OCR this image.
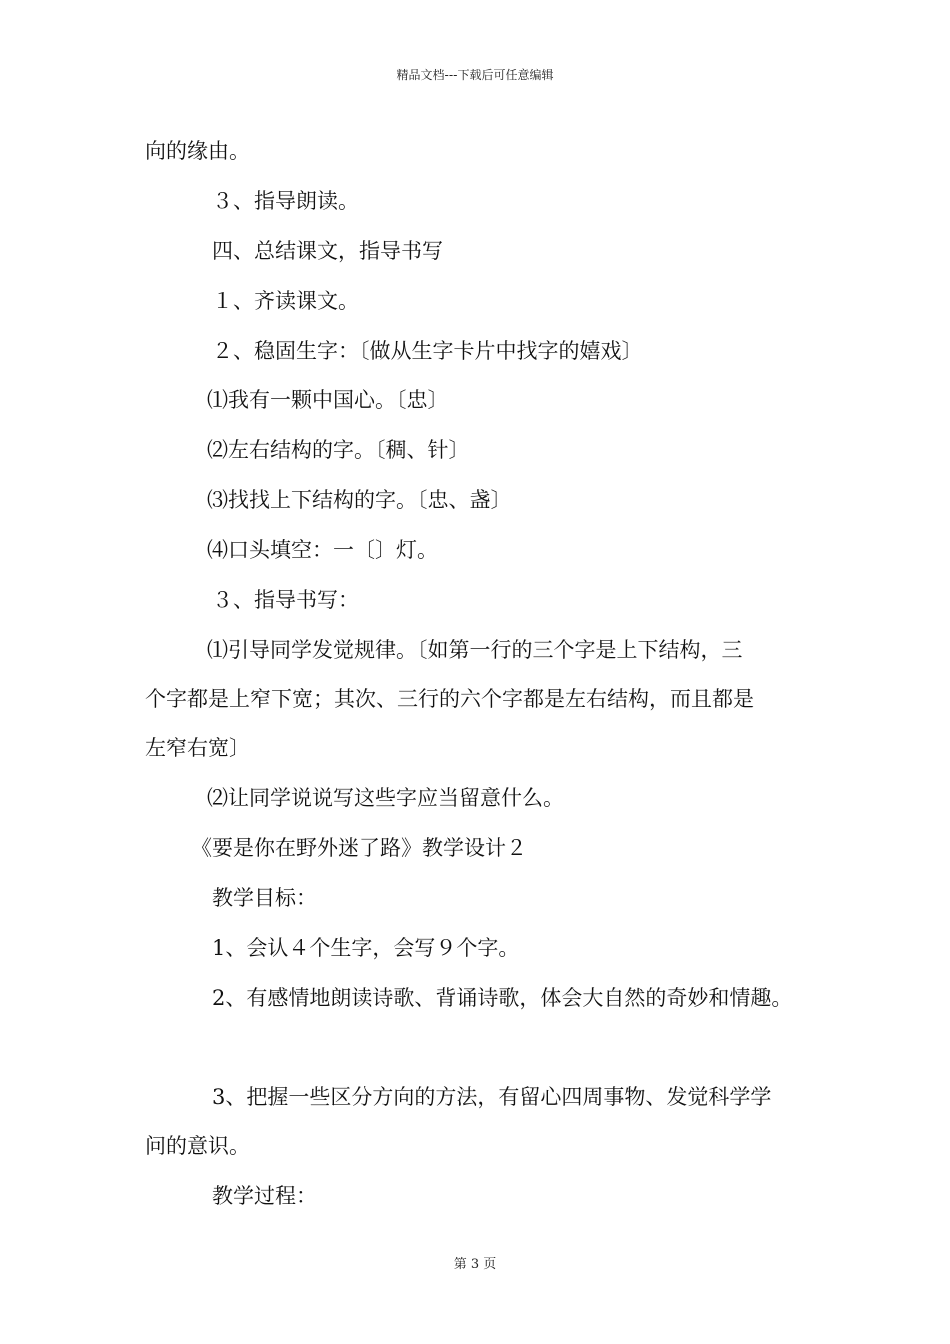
精品文档---下载后可任意编辑
向的缘由。
３、指导朗读。
四、总结课文，指导书写
１、齐读课文。
２、稳固生字：〔做从生字卡片中找字的嬉戏〕
⑴我有一颗中国心。〔忠〕
⑵左右结构的字。〔稠、针〕
⑶找找上下结构的字。〔忠、盏〕
⑷口头填空：一〔〕灯。
３、指导书写：
⑴引导同学发觉规律。〔如第一行的三个字是上下结构，三
个字都是上窄下宽；其次、三行的六个字都是左右结构，而且都是
左窄右宽〕
⑵让同学说说写这些字应当留意什么。
《要是你在野外迷了路》教学设计２
教学目标：
1、会认４个生字，会写９个字。
2、有感情地朗读诗歌、背诵诗歌，体会大自然的奇妙和情趣。
3、把握一些区分方向的方法，有留心四周事物、发觉科学学
问的意识。
教学过程：
第 3 页
